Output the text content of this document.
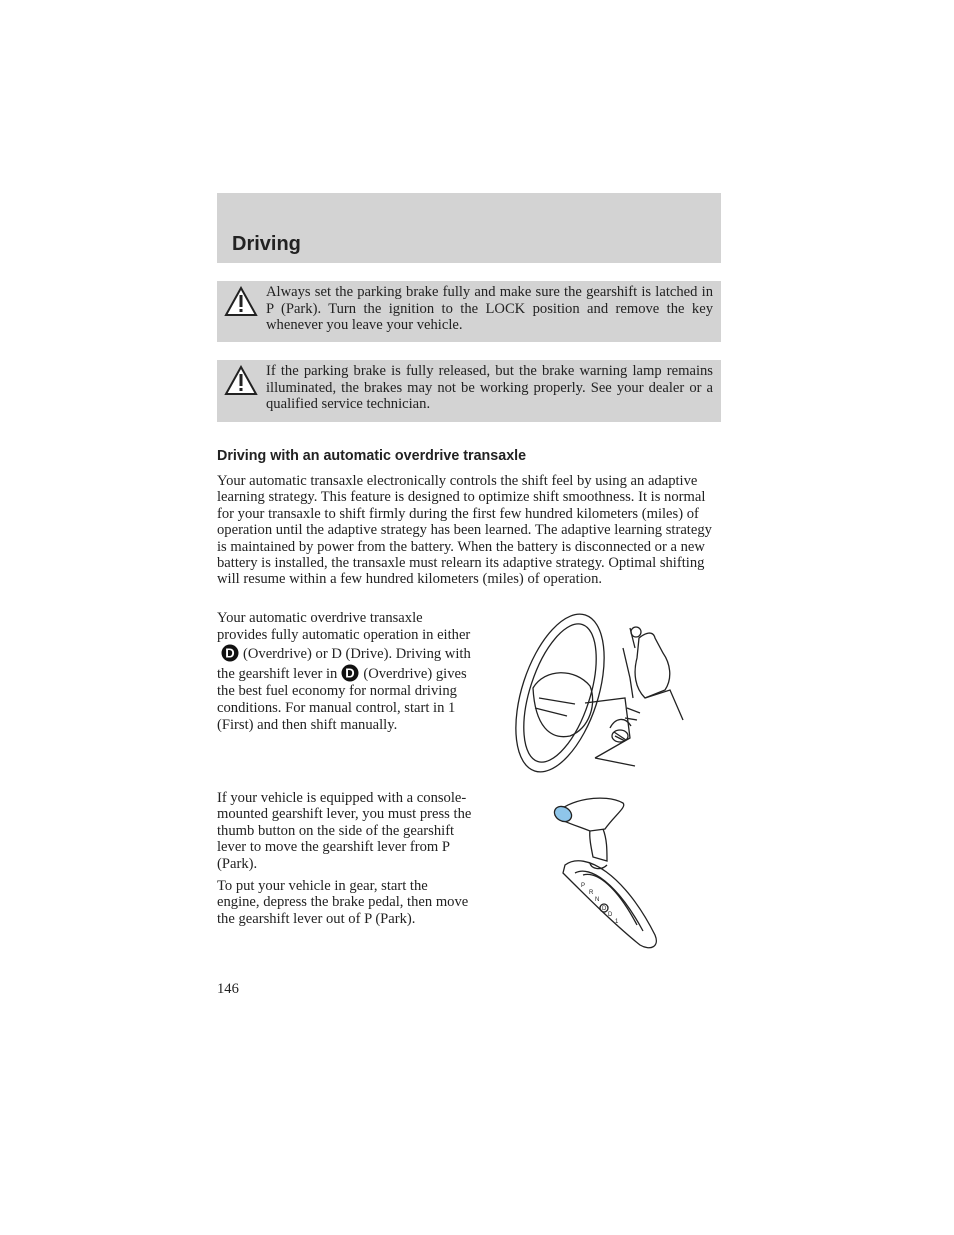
Driving
Always set the parking brake fully and make sure the gearshift is latched in P (Park). Turn the ignition to the LOCK position and remove the key whenever you leave your vehicle.
If the parking brake is fully released, but the brake warning lamp remains illuminated, the brakes may not be working properly. See your dealer or a qualified service technician.
Driving with an automatic overdrive transaxle

Your automatic transaxle electronically controls the shift feel by using an adaptive learning strategy. This feature is designed to optimize shift smoothness. It is normal for your transaxle to shift firmly during the first few hundred kilometers (miles) of operation until the adaptive strategy has been learned. The adaptive learning strategy is maintained by power from the battery. When the battery is disconnected or a new battery is installed, the transaxle must relearn its adaptive strategy. Optimal shifting will resume within a few hundred kilometers (miles) of operation.

Your automatic overdrive transaxle provides fully automatic operation in either
D (Overdrive) or D (Drive). Driving with the gearshift lever in D (Overdrive) gives the best fuel economy for normal driving conditions. For manual control, start in 1 (First) and then shift manually.

If your vehicle is equipped with a console-mounted gearshift lever, you must press the thumb button on the side of the gearshift lever to move the gearshift lever from P (Park).

To put your vehicle in gear, start the engine, depress the brake pedal, then move the gearshift lever out of P (Park).

P
R
N
D
D
1
146
